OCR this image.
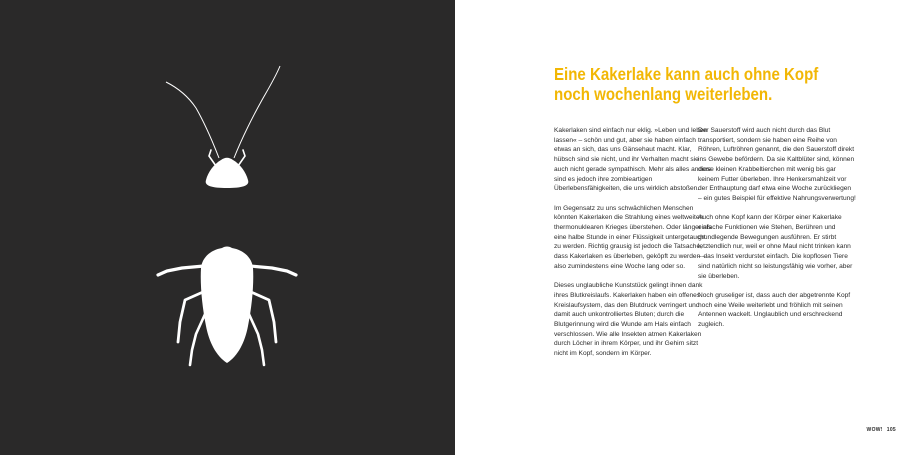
Eine Kakerlake kann auch ohne Kopf
noch wochenlang weiterleben.

Kakerlaken sind einfach nur eklig. »Leben und leben lassen« – schön und gut, aber sie haben einfach etwas an sich, das uns Gänsehaut macht. Klar, hübsch sind sie nicht, und ihr Verhalten macht sie auch nicht gerade sympathisch. Mehr als alles andere sind es jedoch ihre zombieartigen Überlebensfähigkeiten, die uns wirklich abstoßen.

Im Gegensatz zu uns schwächlichen Menschen könnten Kakerlaken die Strahlung eines weltweiten thermonuklearen Krieges überstehen. Oder länger als eine halbe Stunde in einer Flüssigkeit untergetaucht zu werden. Richtig grausig ist jedoch die Tatsache, dass Kakerlaken es überleben, geköpft zu werden – also zumindestens eine Woche lang oder so.

Dieses unglaubliche Kunststück gelingt ihnen dank ihres Blutkreislaufs. Kakerlaken haben ein offenes Kreislaufsystem, das den Blutdruck verringert und damit auch unkontrolliertes Bluten; durch die Blutgerinnung wird die Wunde am Hals einfach verschlossen. Wie alle Insekten atmen Kakerlaken durch Löcher in ihrem Körper, und ihr Gehirn sitzt nicht im Kopf, sondern im Körper.

Der Sauerstoff wird auch nicht durch das Blut transportiert, sondern sie haben eine Reihe von Röhren, Luftröhren genannt, die den Sauerstoff direkt ins Gewebe befördern. Da sie Kaltblüter sind, können diese kleinen Krabbeltierchen mit wenig bis gar keinem Futter überleben. Ihre Henkersmahlzeit vor der Enthauptung darf etwa eine Woche zurückliegen – ein gutes Beispiel für effektive Nahrungsverwertung!

Auch ohne Kopf kann der Körper einer Kakerlake einfache Funktionen wie Stehen, Berühren und grundlegende Bewegungen ausführen. Er stirbt letztendlich nur, weil er ohne Maul nicht trinken kann – das Insekt verdurstet einfach. Die kopflosen Tiere sind natürlich nicht so leistungsfähig wie vorher, aber sie überleben.

Noch gruseliger ist, dass auch der abgetrennte Kopf noch eine Weile weiterlebt und fröhlich mit seinen Antennen wackelt. Unglaublich und erschreckend zugleich.

WOW! 105
